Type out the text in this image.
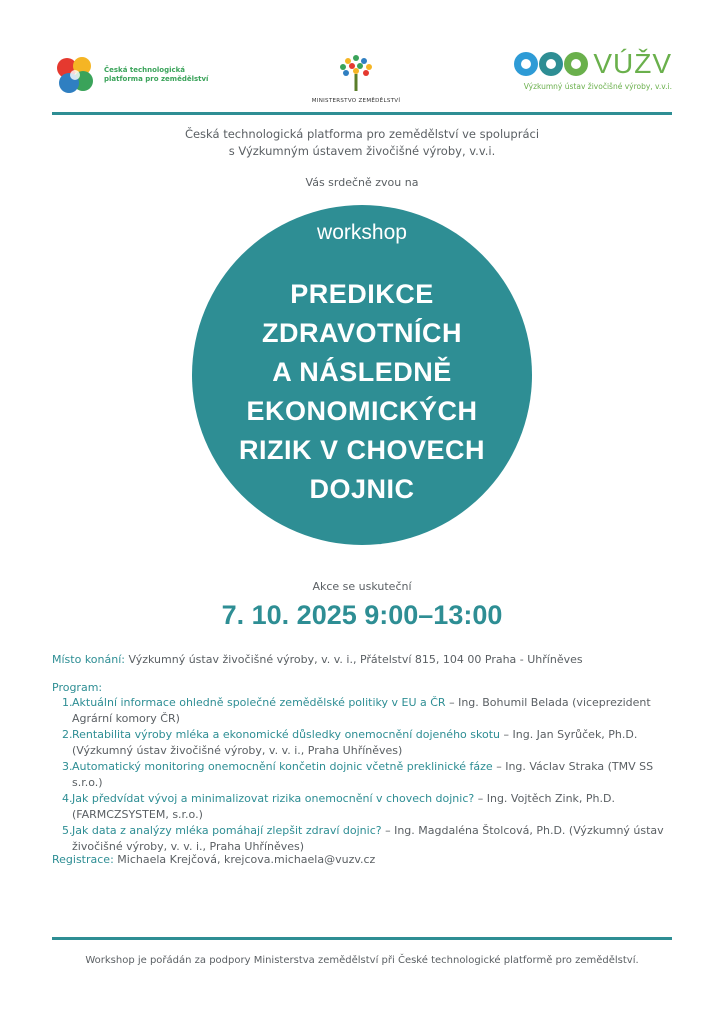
Česká technologická
platforma pro zemědělství
MINISTERSTVO ZEMĚDĚLSTVÍ
VÚŽV
Výzkumný ústav živočišné výroby, v.v.i.
Česká technologická platforma pro zemědělství ve spolupráci
s Výzkumným ústavem živočišné výroby, v.v.i.
Vás srdečně zvou na
workshop
PREDIKCE
ZDRAVOTNÍCH
A NÁSLEDNĚ
EKONOMICKÝCH
RIZIK V CHOVECH
DOJNIC
Akce se uskuteční
7. 10. 2025 9:00–13:00
Místo konání: Výzkumný ústav živočišné výroby, v. v. i., Přátelství 815, 104 00 Praha - Uhříněves
Program:
1. Aktuální informace ohledně společné zemědělské politiky v EU a ČR – Ing. Bohumil Belada (viceprezident
Agrární komory ČR)
2. Rentabilita výroby mléka a ekonomické důsledky onemocnění dojeného skotu – Ing. Jan Syrůček, Ph.D.
(Výzkumný ústav živočišné výroby, v. v. i., Praha Uhříněves)
3. Automatický monitoring onemocnění končetin dojnic včetně preklinické fáze – Ing. Václav Straka (TMV SS s.r.o.)
4. Jak předvídat vývoj a minimalizovat rizika onemocnění v chovech dojnic? – Ing. Vojtěch Zink, Ph.D.
(FARMCZSYSTEM, s.r.o.)
5. Jak data z analýzy mléka pomáhají zlepšit zdraví dojnic? – Ing. Magdaléna Štolcová, Ph.D. (Výzkumný ústav
živočišné výroby, v. v. i., Praha Uhříněves)
Registrace: Michaela Krejčová, krejcova.michaela@vuzv.cz
Workshop je pořádán za podpory Ministerstva zemědělství při České technologické platformě pro zemědělství.
